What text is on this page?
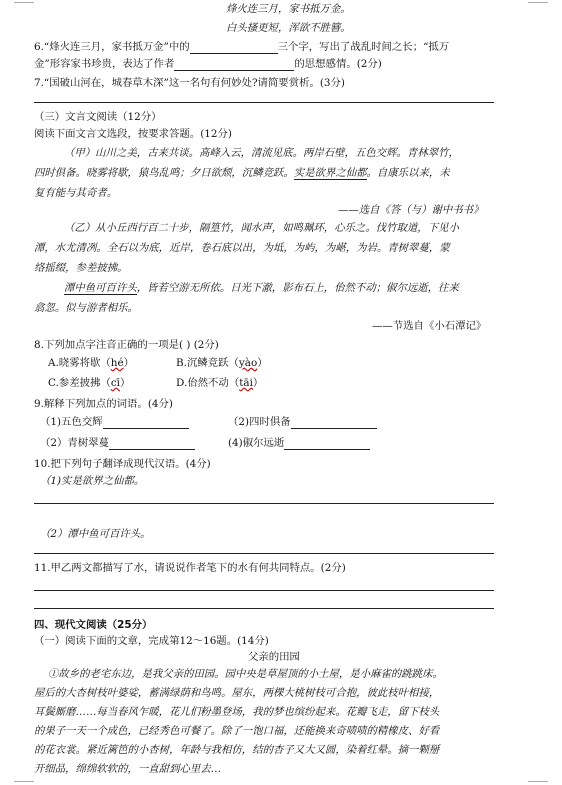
烽火连三月，家书抵万金。
白头搔更短，浑欲不胜簪。
6.“烽火连三月，家书抵万金”中的	三个字，写出了战乱时间之长；“抵万
金”形容家书珍贵，表达了作者	的思想感情。(2分)
7.“国破山河在，城春草木深”这一名句有何妙处?请简要赏析。(3分)
（三）文言文阅读（12分）
阅读下面文言文选段，按要求答题。(12分)
（甲）山川之美，古来共谈。高峰入云，清流见底。两岸石壁，五色交辉。青林翠竹，
四时俱备。晓雾将歇，猿鸟乱鸣；夕日欲颓，沉鳞竞跃。实是欲界之仙都。自康乐以来，未
复有能与其奇者。
——选自《答（与）谢中书书》
（乙）从小丘西行百二十步，隔篁竹，闻水声，如鸣珮环，心乐之。伐竹取道，下见小
潭，水尤清冽。全石以为底，近岸，卷石底以出，为坻，为屿，为嵁，为岩。青树翠蔓，蒙
络摇缀，参差披拂。
潭中鱼可百许头，皆若空游无所依。日光下澈，影布石上，佁然不动；俶尔远逝，往来
翕忽。似与游者相乐。
——节选自《小石潭记》
8.下列加点字注音正确的一项是( ) (2分)
A.晓雾将歇（hé）	B.沉鳞竞跃（yào）
C.参差披拂（cī）	D.佁然不动（tāi）
9.解释下列加点的词语。(4分)
（1)五色交辉	（2)四时俱备
（2）青树翠蔓	(4)俶尔远逝
10.把下列句子翻译成现代汉语。(4分)
（1)实是欲界之仙都。
（2）潭中鱼可百许头。
11.甲乙两文都描写了水，请说说作者笔下的水有何共同特点。(2分)
四、现代文阅读（25分）
（一）阅读下面的文章，完成第12～16题。(14分)
父亲的田园
①故乡的老宅东边，是我父亲的田园。园中央是草屋顶的小土屋，是小麻雀的跳跳床。
屋后的大杏树枝叶婆娑，蓄满绿荫和鸟鸣。屋东，两棵大桃树枝可合抱，彼此枝叶相接，
耳鬓厮磨……每当春风乍暖，花儿们粉墨登场，我的梦也缤纷起来。花瓣飞走，留下枝头
的果子一天一个成色，已经秀色可餐了。除了一饱口福，还能换来奇啧啧的精橡皮、好看
的花衣裳。紧近篱笆的小杏树，年龄与我相仿，结的杏子又大又圆，染着红晕。摘一颗掰
开细品，绵绵软软的，一直甜到心里去…
